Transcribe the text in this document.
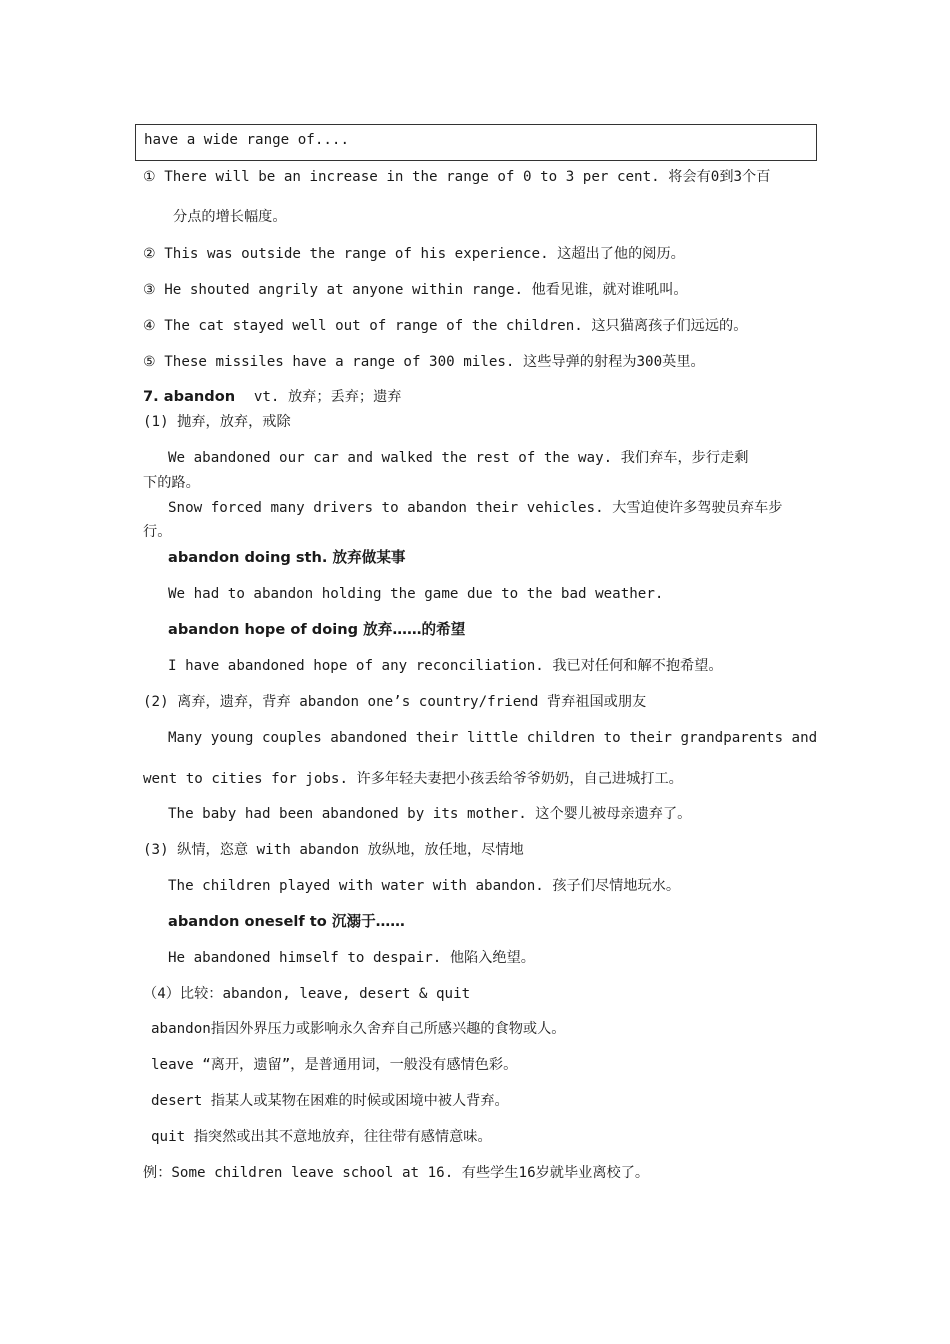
have a wide range of....
① There will be an increase in the range of 0 to 3 per cent. 将会有0到3个百
分点的增长幅度。
② This was outside the range of his experience. 这超出了他的阅历。
③ He shouted angrily at anyone within range. 他看见谁，就对谁吼叫。
④ The cat stayed well out of range of the children. 这只猫离孩子们远远的。
⑤ These missiles have a range of 300 miles. 这些导弹的射程为300英里。
7. abandon vt. 放弃；丢弃；遗弃
(1) 抛弃，放弃，戒除
We abandoned our car and walked the rest of the way. 我们弃车，步行走剩
下的路。
Snow forced many drivers to abandon their vehicles. 大雪迫使许多驾驶员弃车步
行。
abandon doing sth. 放弃做某事
We had to abandon holding the game due to the bad weather.
abandon hope of doing 放弃……的希望
I have abandoned hope of any reconciliation. 我已对任何和解不抱希望。
(2) 离弃，遗弃，背弃 abandon one’s country/friend 背弃祖国或朋友
Many young couples abandoned their little children to their grandparents and
went to cities for jobs. 许多年轻夫妻把小孩丢给爷爷奶奶，自己进城打工。
The baby had been abandoned by its mother. 这个婴儿被母亲遗弃了。
(3) 纵情，恣意 with abandon 放纵地，放任地，尽情地
The children played with water with abandon. 孩子们尽情地玩水。
abandon oneself to 沉溺于……
He abandoned himself to despair. 他陷入绝望。
（4）比较：abandon, leave, desert & quit
abandon指因外界压力或影响永久舍弃自己所感兴趣的食物或人。
leave “离开，遗留”，是普通用词，一般没有感情色彩。
desert 指某人或某物在困难的时候或困境中被人背弃。
quit 指突然或出其不意地放弃，往往带有感情意味。
例：Some children leave school at 16. 有些学生16岁就毕业离校了。
